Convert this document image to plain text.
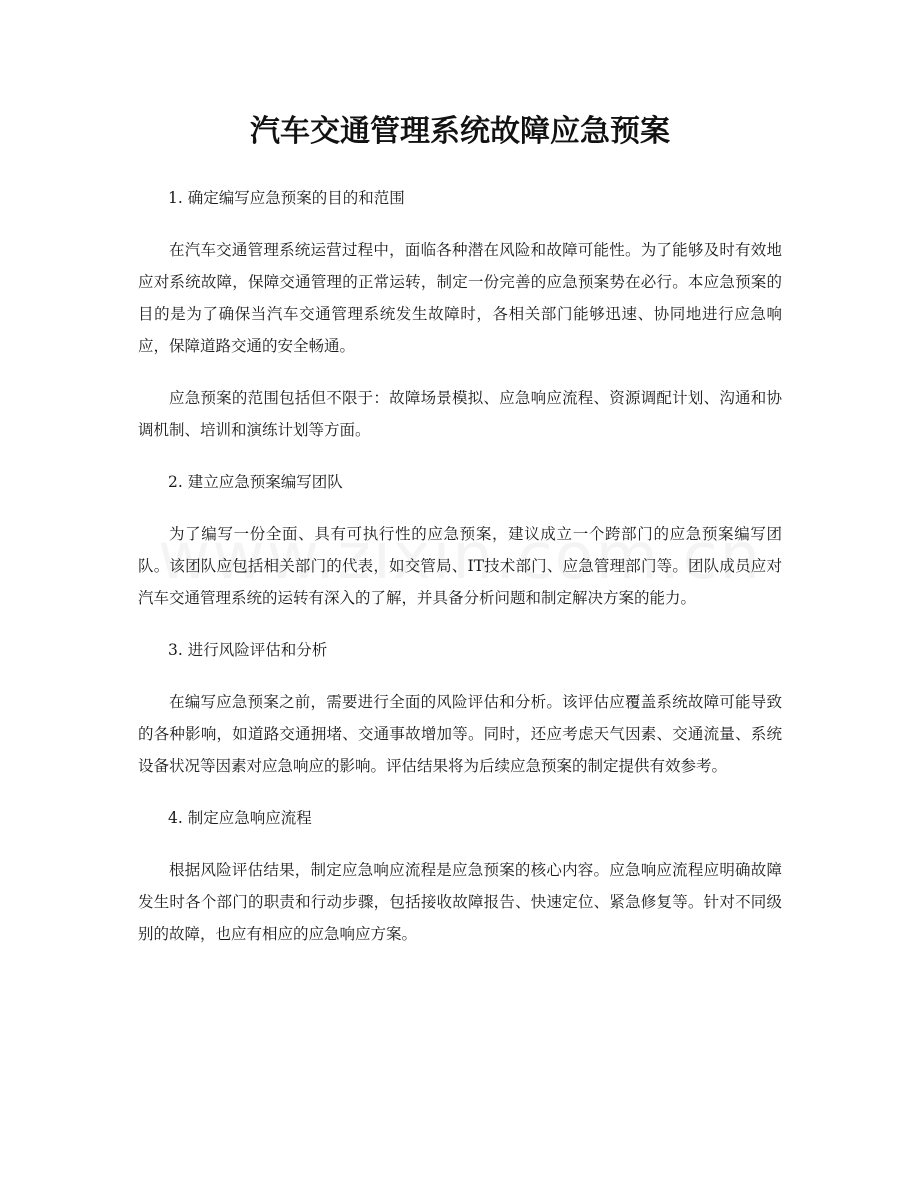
汽车交通管理系统故障应急预案

1. 确定编写应急预案的目的和范围

在汽车交通管理系统运营过程中，面临各种潜在风险和故障可能性。为了能够及时有效地应对系统故障，保障交通管理的正常运转，制定一份完善的应急预案势在必行。本应急预案的目的是为了确保当汽车交通管理系统发生故障时，各相关部门能够迅速、协同地进行应急响应，保障道路交通的安全畅通。

应急预案的范围包括但不限于：故障场景模拟、应急响应流程、资源调配计划、沟通和协调机制、培训和演练计划等方面。

2. 建立应急预案编写团队

为了编写一份全面、具有可执行性的应急预案，建议成立一个跨部门的应急预案编写团队。该团队应包括相关部门的代表，如交管局、IT技术部门、应急管理部门等。团队成员应对汽车交通管理系统的运转有深入的了解，并具备分析问题和制定解决方案的能力。

3. 进行风险评估和分析

在编写应急预案之前，需要进行全面的风险评估和分析。该评估应覆盖系统故障可能导致的各种影响，如道路交通拥堵、交通事故增加等。同时，还应考虑天气因素、交通流量、系统设备状况等因素对应急响应的影响。评估结果将为后续应急预案的制定提供有效参考。

4. 制定应急响应流程

根据风险评估结果，制定应急响应流程是应急预案的核心内容。应急响应流程应明确故障发生时各个部门的职责和行动步骤，包括接收故障报告、快速定位、紧急修复等。针对不同级别的故障，也应有相应的应急响应方案。
